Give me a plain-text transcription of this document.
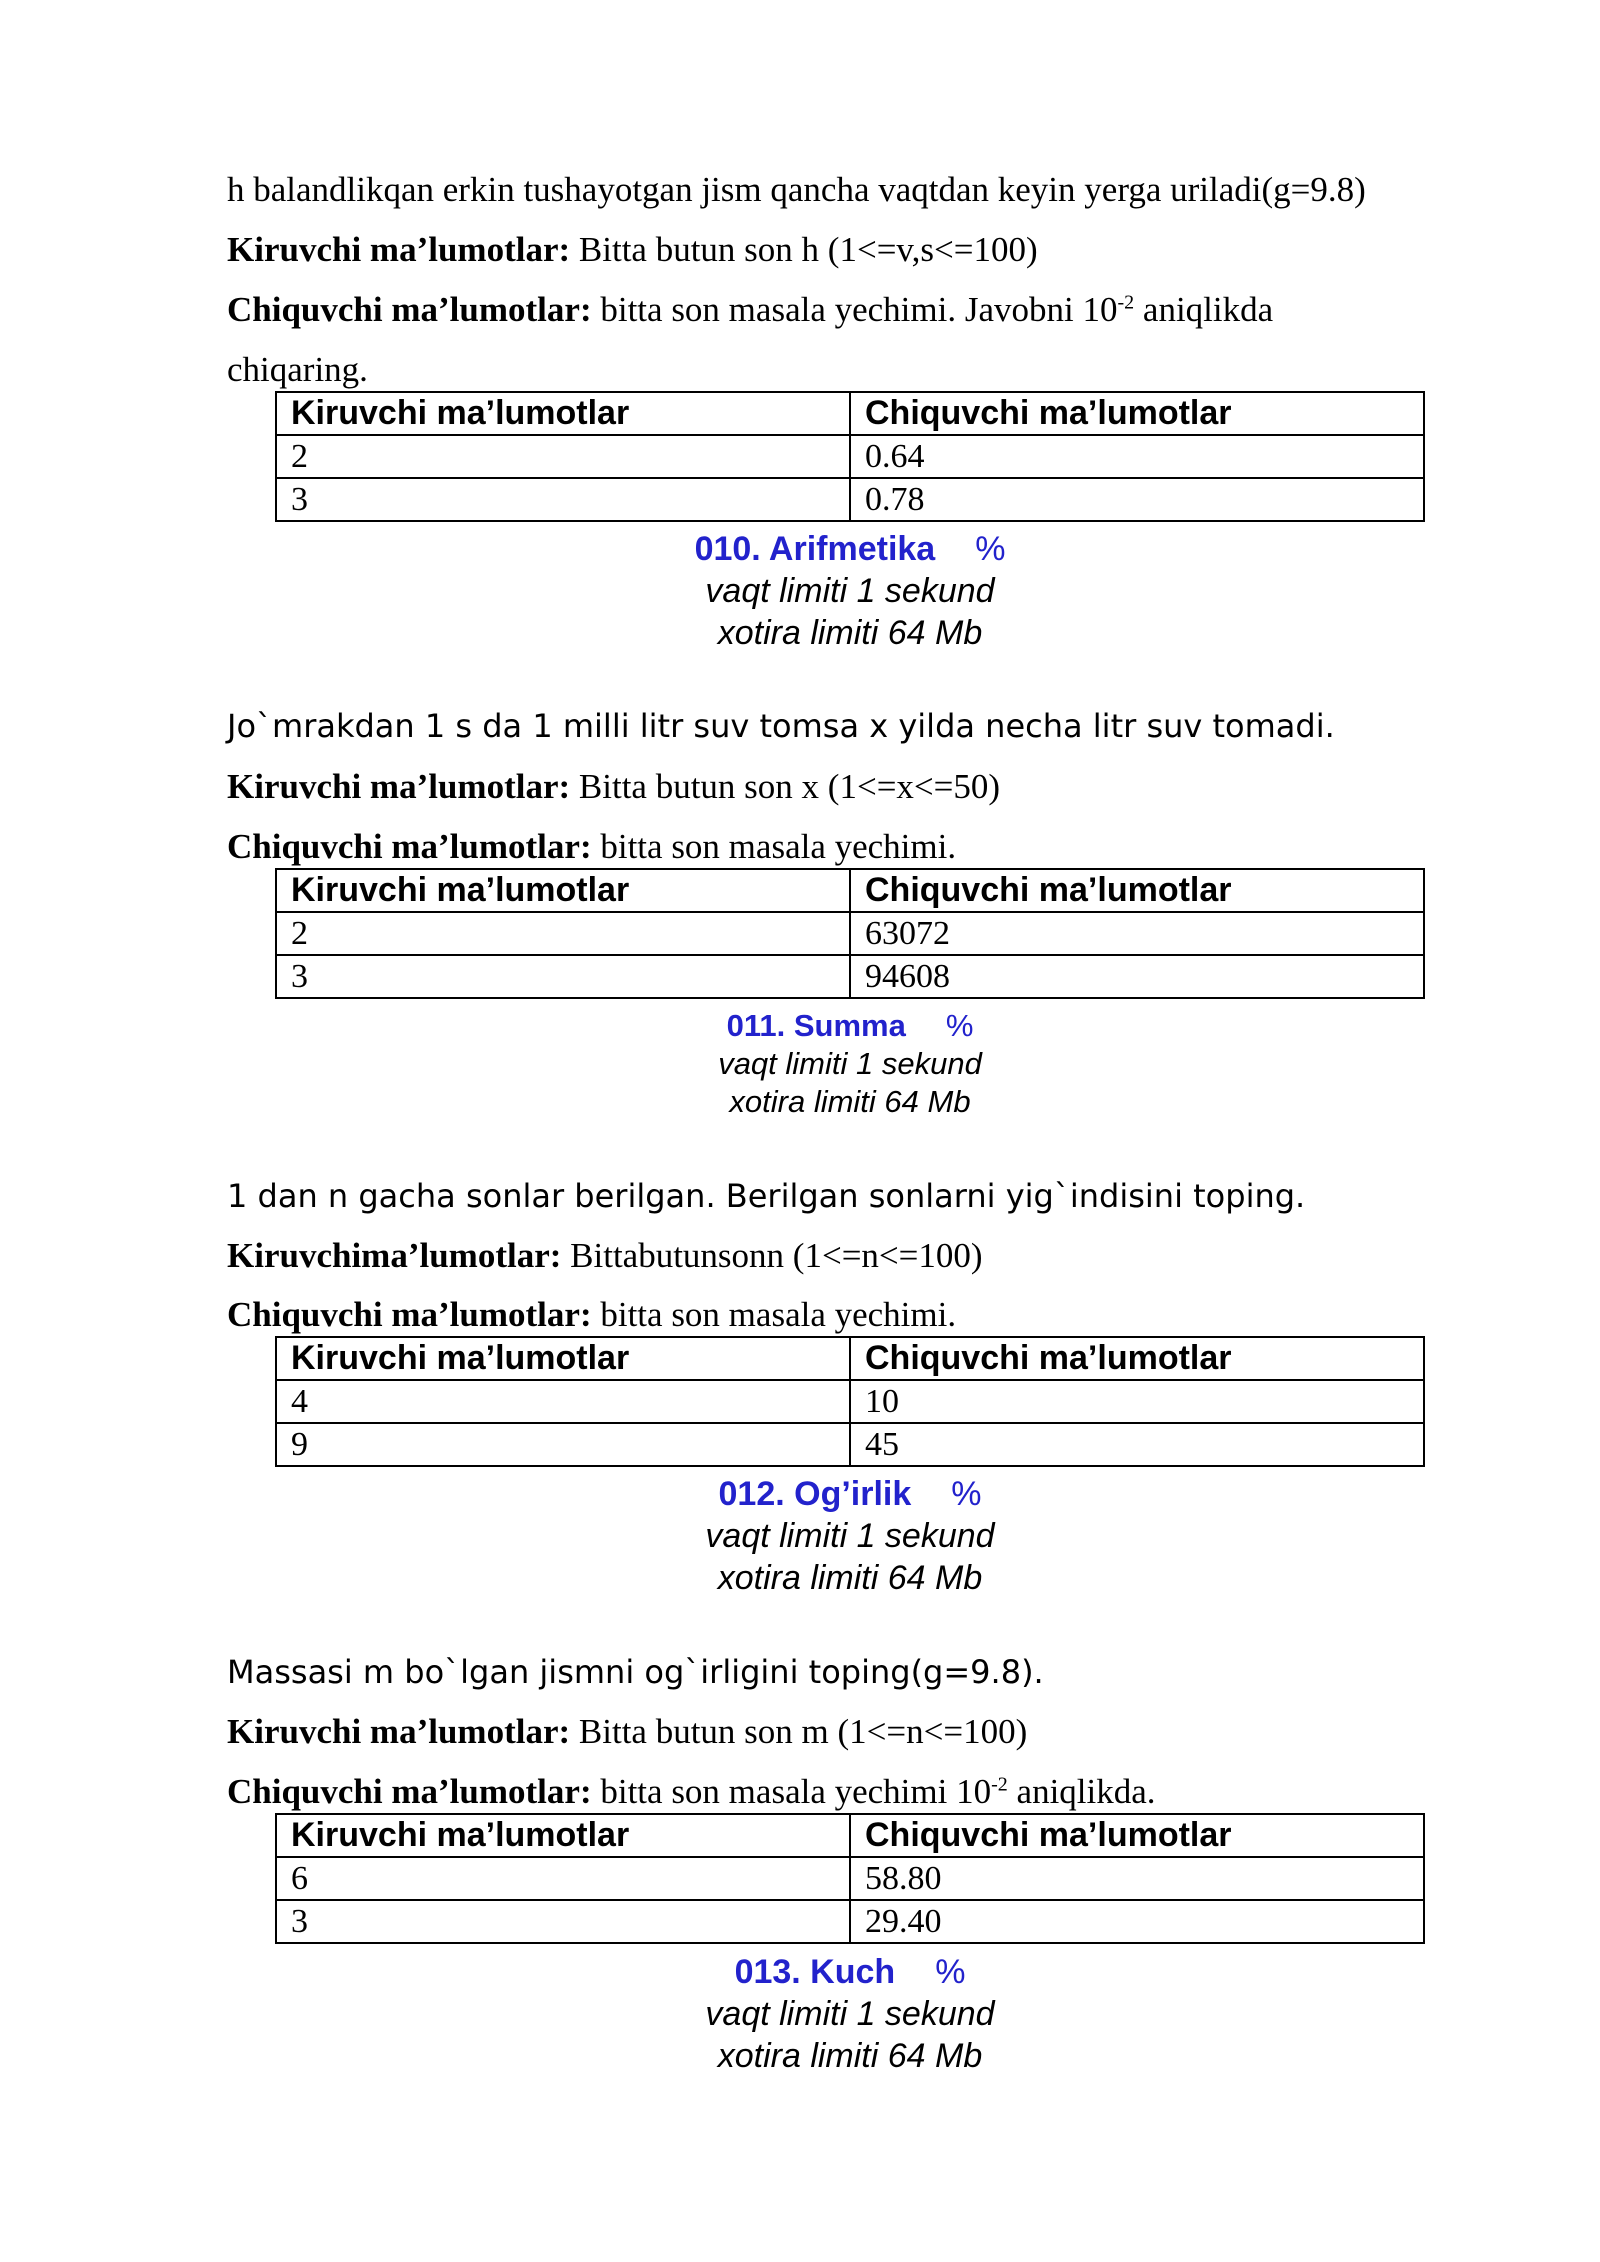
h balandlikqan erkin tushayotgan jism qancha vaqtdan keyin yerga uriladi(g=9.8)
Kiruvchi ma’lumotlar: Bitta butun son h (1<=v,s<=100)
Chiquvchi ma’lumotlar: bitta son masala yechimi. Javobni $10^{-2}$ aniqlikda
chiqaring.
Kiruvchi ma’lumotlar	Chiquvchi ma’lumotlar
2	0.64
3	0.78
010. Arifmetika %
vaqt limiti 1 sekund
xotira limiti 64 Mb
Jo`mrakdan 1 s da 1 milli litr suv tomsa x yilda necha litr suv tomadi.
Kiruvchi ma’lumotlar: Bitta butun son x (1<=x<=50)
Chiquvchi ma’lumotlar: bitta son masala yechimi.
Kiruvchi ma’lumotlar	Chiquvchi ma’lumotlar
2	63072
3	94608
011. Summa %
vaqt limiti 1 sekund
xotira limiti 64 Mb
1 dan n gacha sonlar berilgan. Berilgan sonlarni yig`indisini toping.
Kiruvchima’lumotlar: Bittabutunsonn (1<=n<=100)
Chiquvchi ma’lumotlar: bitta son masala yechimi.
Kiruvchi ma’lumotlar	Chiquvchi ma’lumotlar
4	10
9	45
012. Og’irlik %
vaqt limiti 1 sekund
xotira limiti 64 Mb
Massasi m bo`lgan jismni og`irligini toping(g=9.8).
Kiruvchi ma’lumotlar: Bitta butun son m (1<=n<=100)
Chiquvchi ma’lumotlar: bitta son masala yechimi $10^{-2}$ aniqlikda.
Kiruvchi ma’lumotlar	Chiquvchi ma’lumotlar
6	58.80
3	29.40
013. Kuch %
vaqt limiti 1 sekund
xotira limiti 64 Mb
